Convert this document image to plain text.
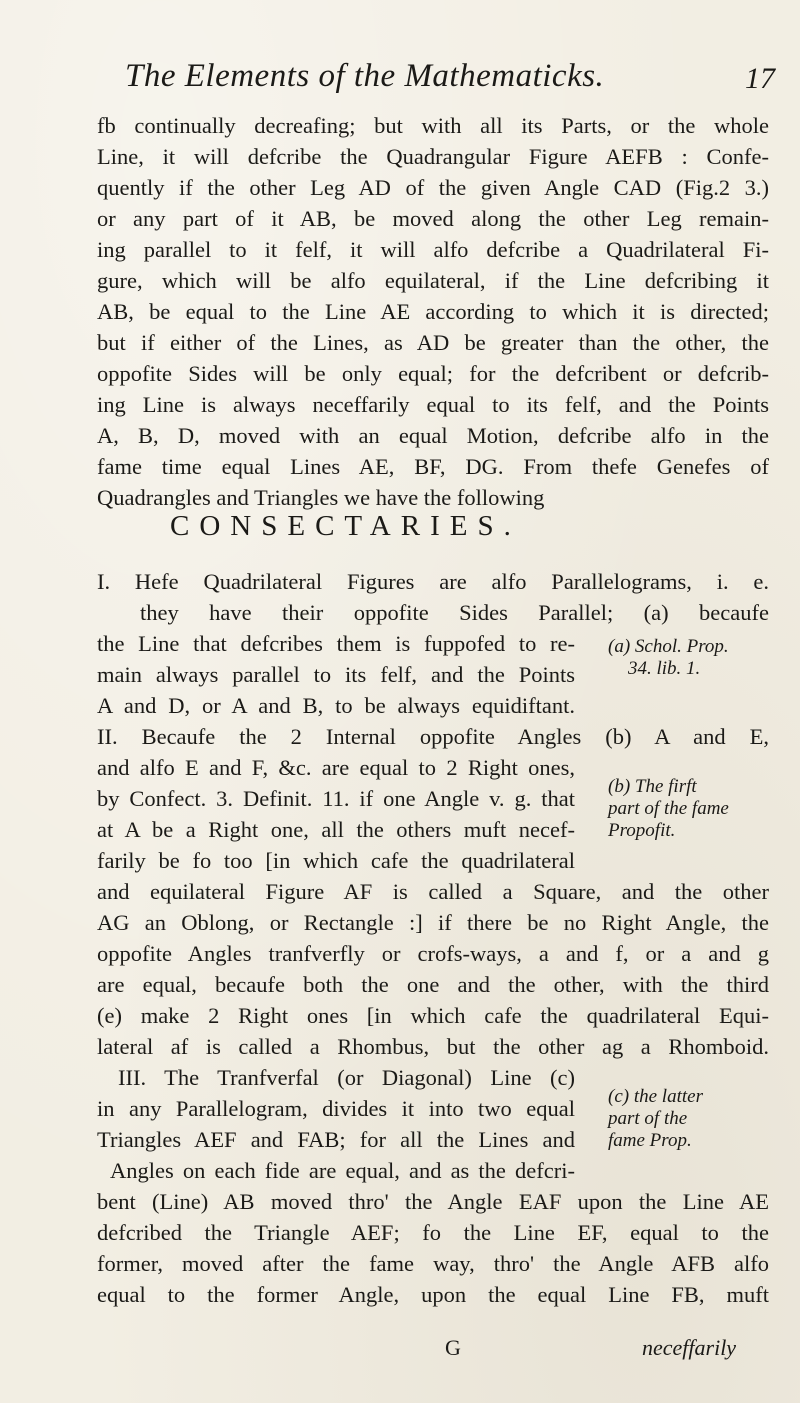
The Elements of the Mathematicks.	17
fb continually decreafing; but with all its Parts, or the whole
Line, it will defcribe the Quadrangular Figure AEFB : Confe-
quently if the other Leg AD of the given Angle CAD (Fig.2 3.)
or any part of it AB, be moved along the other Leg remain-
ing parallel to it felf, it will alfo defcribe a Quadrilateral Fi-
gure, which will be alfo equilateral, if the Line defcribing it
AB, be equal to the Line AE according to which it is directed;
but if either of the Lines, as AD be greater than the other, the
oppofite Sides will be only equal; for the defcribent or defcrib-
ing Line is always neceffarily equal to its felf, and the Points
A, B, D, moved with an equal Motion, defcribe alfo in the
fame time equal Lines AE, BF, DG. From thefe Genefes of
Quadrangles and Triangles we have the following
CONSECTARIES.
I. Hefe Quadrilateral Figures are alfo Parallelograms, i. e.
they have their oppofite Sides Parallel; (a) becaufe
the Line that defcribes them is fuppofed to re-
main always parallel to its felf, and the Points
A and D, or A and B, to be always equidiftant.
(a) Schol. Prop.
34. lib. 1.
II. Becaufe the 2 Internal oppofite Angles (b) A and E,
and alfo E and F, &c. are equal to 2 Right ones,
by Confect. 3. Definit. 11. if one Angle v. g. that
at A be a Right one, all the others muft necef-
farily be fo too [in which cafe the quadrilateral
and equilateral Figure AF is called a Square, and the other
AG an Oblong, or Rectangle :] if there be no Right Angle, the
oppofite Angles tranfverfly or crofs-ways, a and f, or a and g
are equal, becaufe both the one and the other, with the third
(e) make 2 Right ones [in which cafe the quadrilateral Equi-
lateral af is called a Rhombus, but the other ag a Rhomboid.
(b) The firft
part of the fame
Propofit.
III. The Tranfverfal (or Diagonal) Line (c)
in any Parallelogram, divides it into two equal
Triangles AEF and FAB; for all the Lines and
Angles on each fide are equal, and as the defcri-
bent (Line) AB moved thro' the Angle EAF upon the Line AE
defcribed the Triangle AEF; fo the Line EF, equal to the
former, moved after the fame way, thro' the Angle AFB alfo
equal to the former Angle, upon the equal Line FB, muft
(c) the latter
part of the
fame Prop.
G	neceffarily
